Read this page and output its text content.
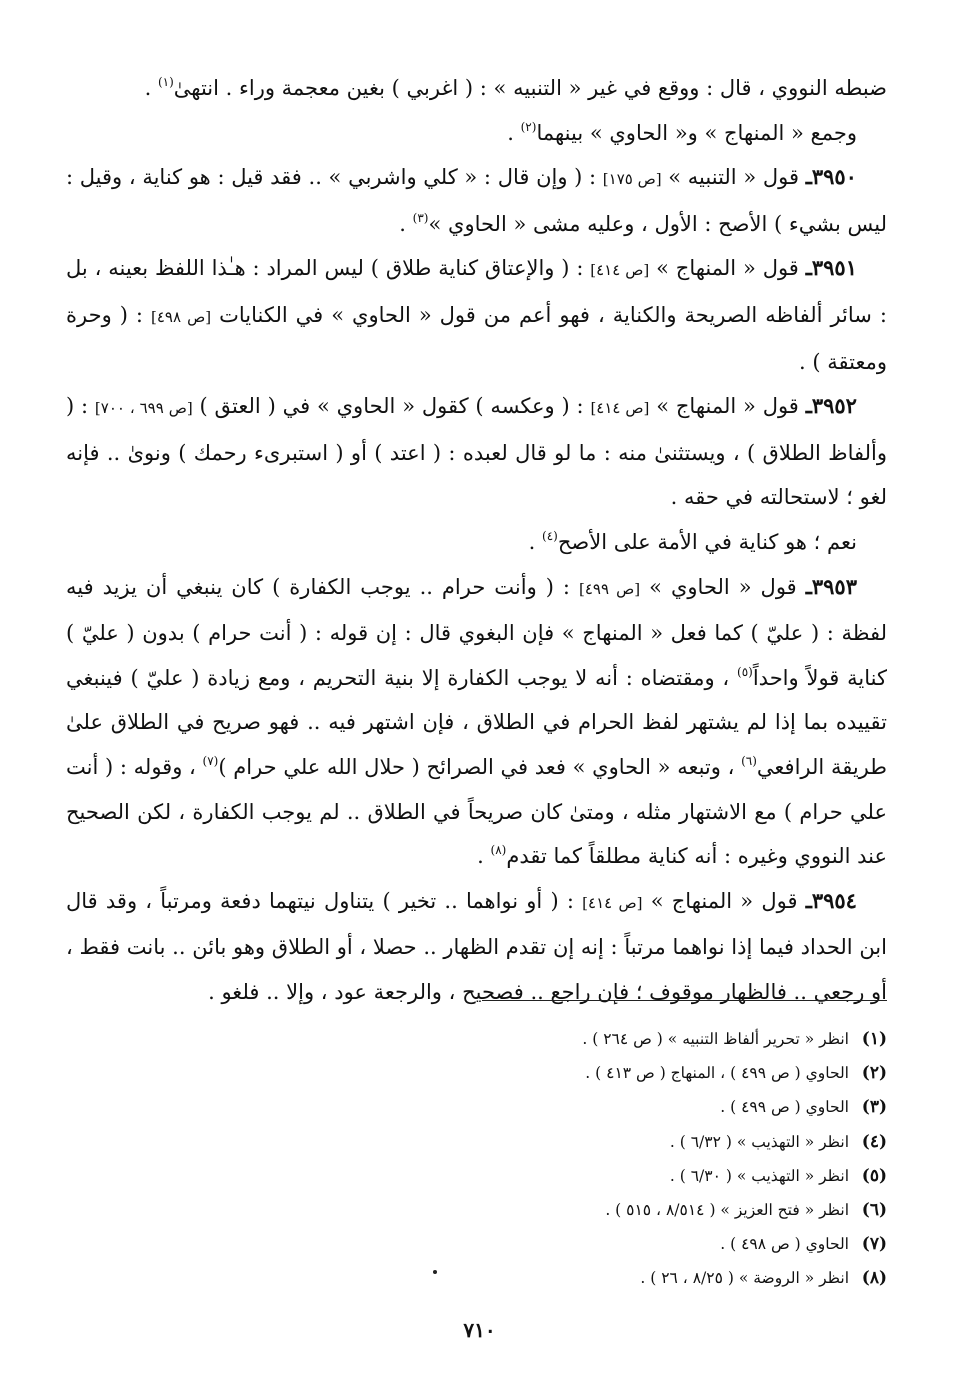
ضبطه النووي ، قال : ووقع في غير « التنبيه » : ( اغربي ) بغين معجمة وراء . انتهىٰ$^{(١)}$ .

وجمع « المنهاج » و« الحاوي » بينهما$^{(٢)}$ .

٣٩٥٠ـ قول « التنبيه » [ص ١٧٥] : ( وإن قال : « كلي واشربي » .. فقد قيل : هو كناية ، وقيل : ليس بشيء ) الأصح : الأول ، وعليه مشى « الحاوي »$^{(٣)}$ .

٣٩٥١ـ قول « المنهاج » [ص ٤١٤] : ( والإعتاق كناية طلاق ) ليس المراد : هـٰذا اللفظ بعينه ، بل : سائر ألفاظه الصريحة والكناية ، فهو أعم من قول « الحاوي » في الكنايات [ص ٤٩٨] : ( وحرة ومعتقة ) .

٣٩٥٢ـ قول « المنهاج » [ص ٤١٤] : ( وعكسه ) كقول « الحاوي » في ( العتق ) [ص ٦٩٩ ، ٧٠٠] : ( وألفاظ الطلاق ) ، ويستثنىٰ منه : ما لو قال لعبده : ( اعتد ) أو ( استبرىء رحمك ) ونوىٰ .. فإنه لغو ؛ لاستحالته في حقه .

نعم ؛ هو كناية في الأمة على الأصح$^{(٤)}$ .

٣٩٥٣ـ قول « الحاوي » [ص ٤٩٩] : ( وأنت حرام .. يوجب الكفارة ) كان ينبغي أن يزيد فيه لفظة : ( عليّ ) كما فعل « المنهاج » فإن البغوي قال : إن قوله : ( أنت حرام ) بدون ( عليّ ) كناية قولاً واحداً$^{(٥)}$ ، ومقتضاه : أنه لا يوجب الكفارة إلا بنية التحريم ، ومع زيادة ( عليّ ) فينبغي تقييده بما إذا لم يشتهر لفظ الحرام في الطلاق ، فإن اشتهر فيه .. فهو صريح في الطلاق علىٰ طريقة الرافعي$^{(٦)}$ ، وتبعه « الحاوي » فعد في الصرائح ( حلال الله علي حرام )$^{(٧)}$ ، وقوله : ( أنت علي حرام ) مع الاشتهار مثله ، ومتىٰ كان صريحاً في الطلاق .. لم يوجب الكفارة ، لكن الصحيح عند النووي وغيره : أنه كناية مطلقاً كما تقدم$^{(٨)}$ .

٣٩٥٤ـ قول « المنهاج » [ص ٤١٤] : ( أو نواهما .. تخير ) يتناول نيتهما دفعة ومرتباً ، وقد قال ابن الحداد فيما إذا نواهما مرتباً : إنه إن تقدم الظهار .. حصلا ، أو الطلاق وهو بائن .. بانت فقط ، أو رجعي .. فالظهار موقوف ؛ فإن راجع .. فصحيح ، والرجعة عود ، وإلا .. فلغو .

(١)انظر « تحرير ألفاظ التنبيه » ( ص ٢٦٤ ) .
(٢)الحاوي ( ص ٤٩٩ ) ، المنهاج ( ص ٤١٣ ) .
(٣)الحاوي ( ص ٤٩٩ ) .
(٤)انظر « التهذيب » ( ٦/٣٢ ) .
(٥)انظر « التهذيب » ( ٦/٣٠ ) .
(٦)انظر « فتح العزيز » ( ٨/٥١٤ ، ٥١٥ ) .
(٧)الحاوي ( ص ٤٩٨ ) .
(٨)انظر « الروضة » ( ٨/٢٥ ، ٢٦ ) .
٧١٠
